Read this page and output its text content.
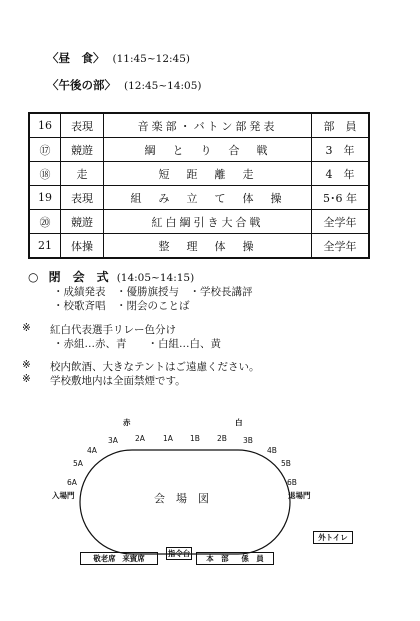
〈昼　食〉 (11:45~12:45)
〈午後の部〉 (12:45~14:05)
16	表現	音楽部・バトン部発表	部　員
⑰	競遊	綱　と　り　合　戦	3　年
⑱	走	短　距　離　走	4　年
19	表現	組　み　立　て　体　操	5･6 年
⑳	競遊	紅白綱引き大合戦	全学年
21	体操	整　理　体　操	全学年
○ 閉　会　式 (14:05~14:15)
・成績発表　・優勝旗授与　・学校長講評
・校歌斉唱　・閉会のことば
※ 紅白代表選手リレー色分け
・赤組…赤、青　　・白組…白、黄
※ 校内飲酒、大きなテントはご遠慮ください。
※ 学校敷地内は全面禁煙です。
赤	白
1A 1B
2A	2B
3A	3B
4A	4B
5A	5B
6A	6B
入場門	退場門
会　場　図
外トイレ
敬老席 来賓席
指令台
本　部 係　員
